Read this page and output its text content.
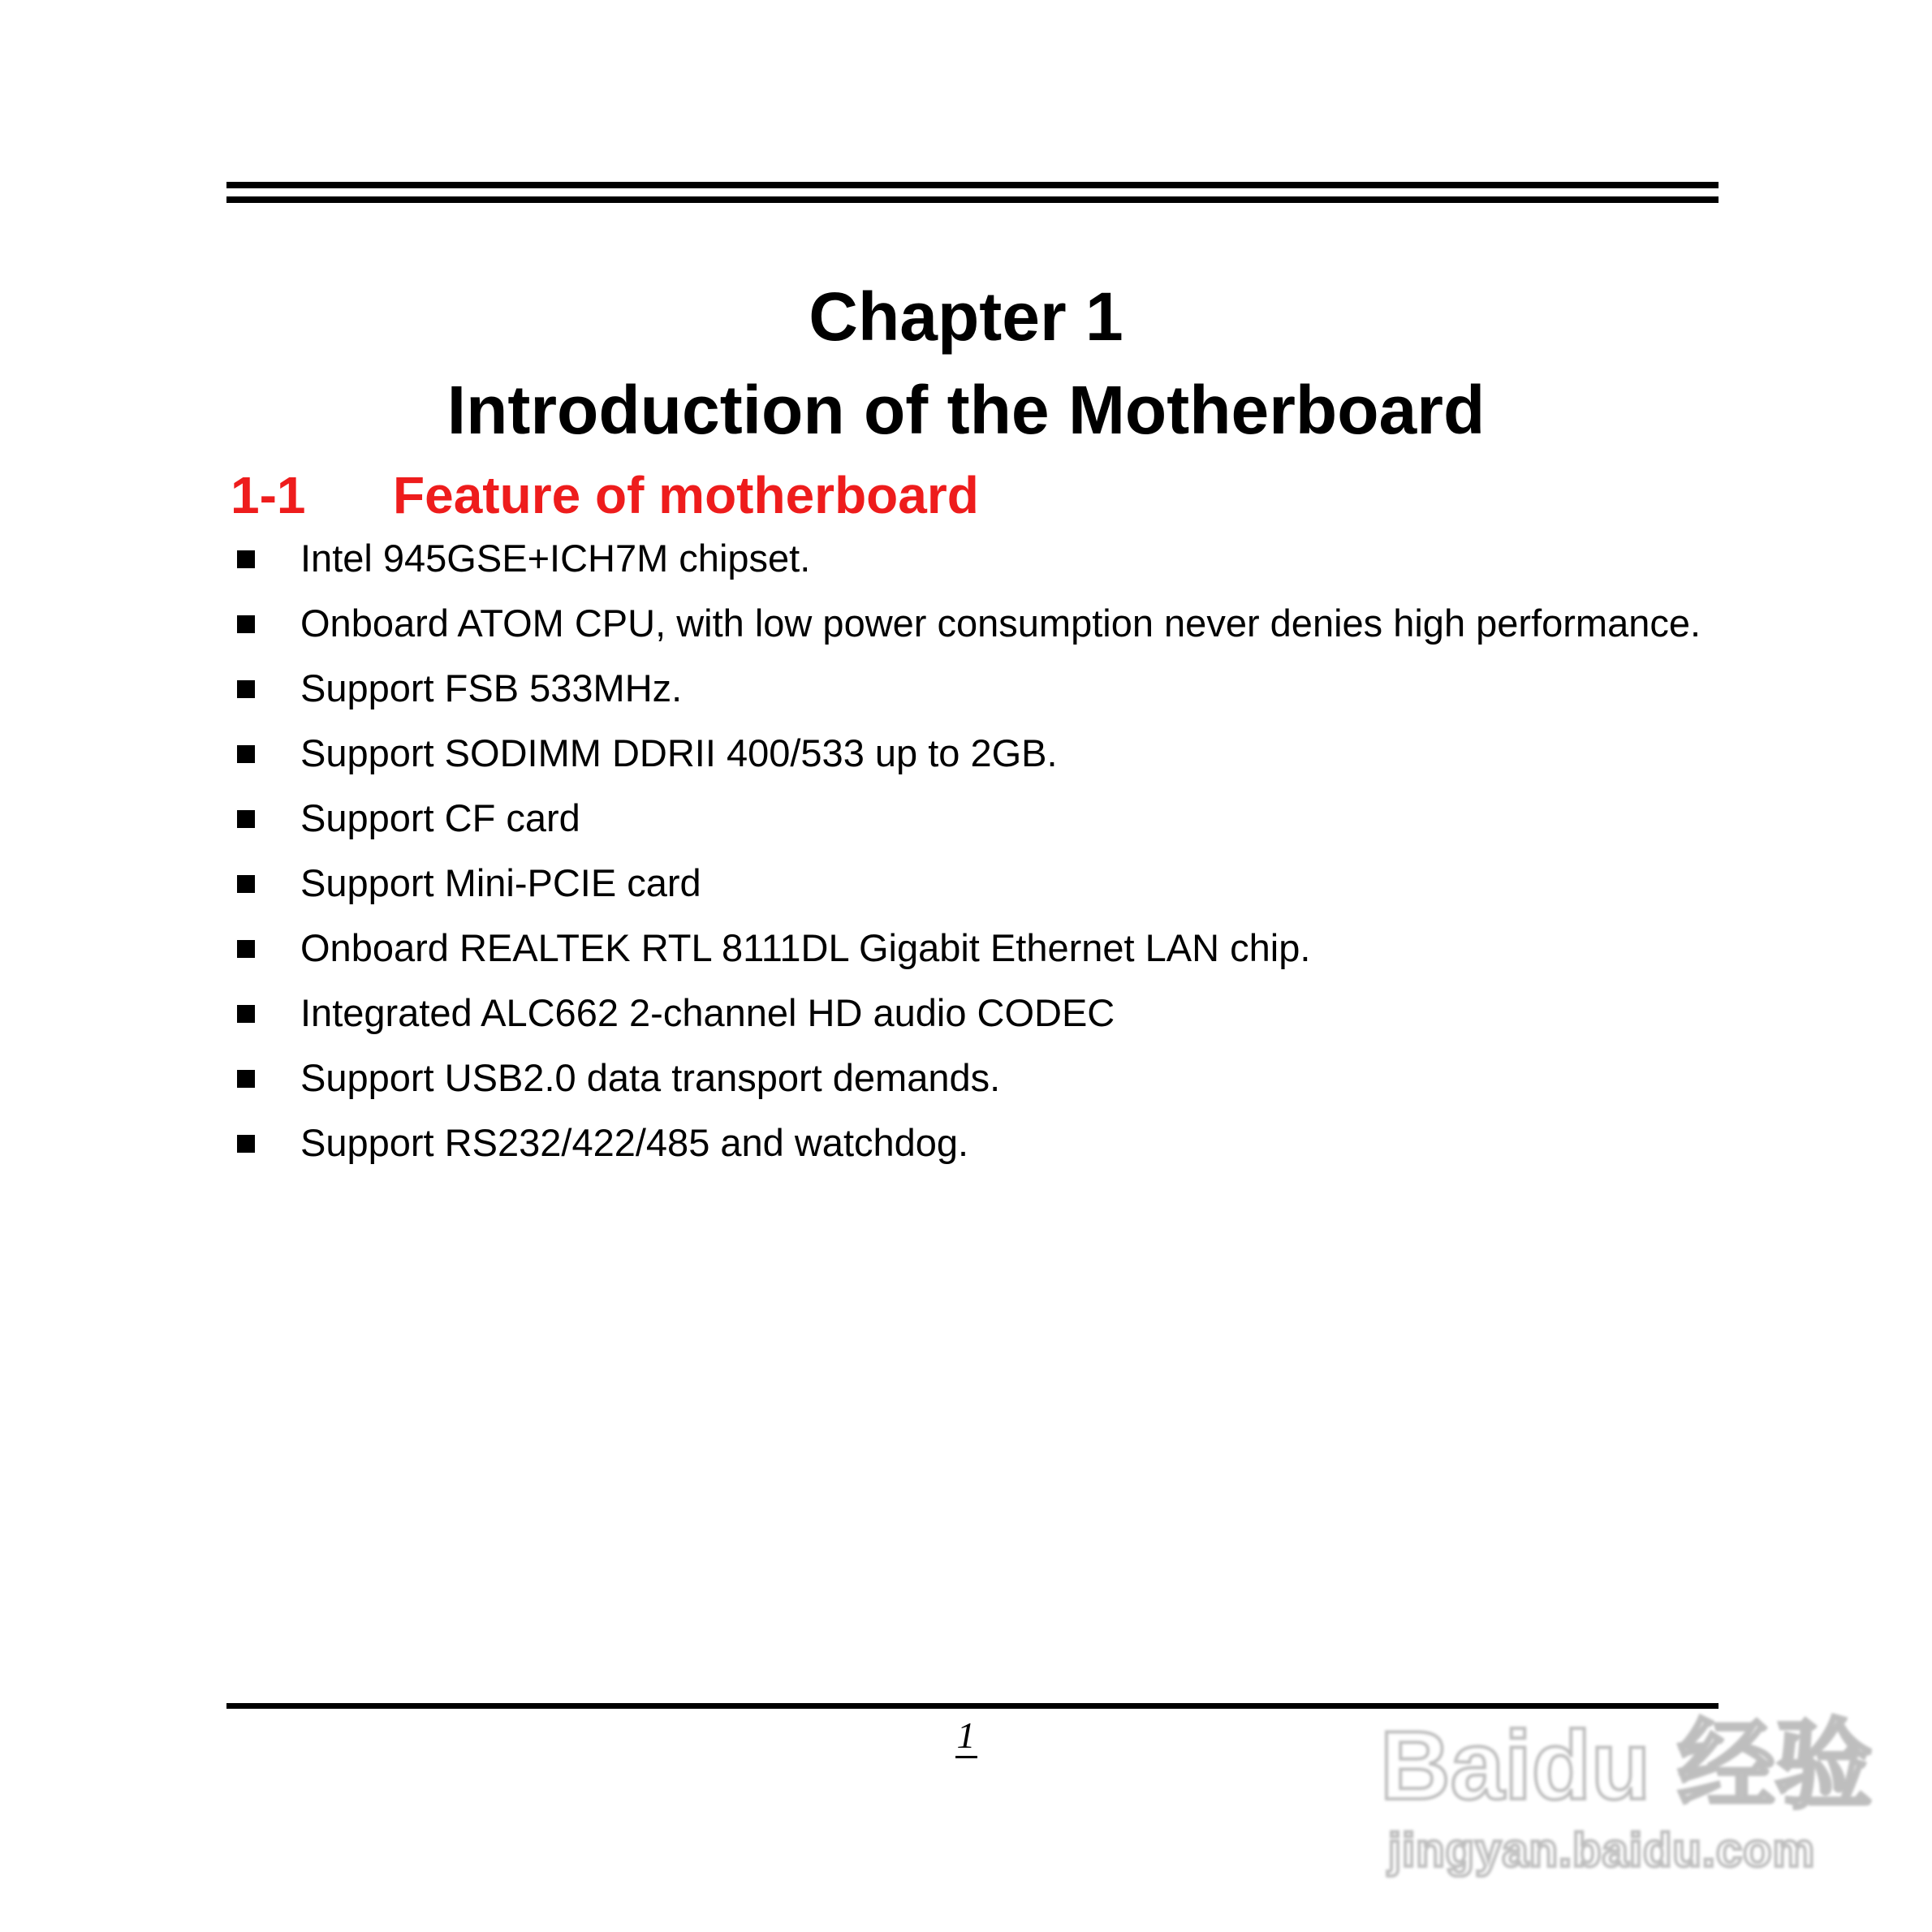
Chapter 1
Introduction of the Motherboard
1-1 Feature of motherboard
Intel 945GSE+ICH7M chipset.
Onboard ATOM CPU, with low power consumption never denies high performance.
Support FSB 533MHz.
Support SODIMM DDRII 400/533 up to 2GB.
Support CF card
Support Mini-PCIE card
Onboard REALTEK RTL 8111DL Gigabit Ethernet LAN chip.
Integrated ALC662 2-channel HD audio CODEC
Support USB2.0 data transport demands.
Support RS232/422/485 and watchdog.
1	Baidu 经验
jingyan.baidu.com
